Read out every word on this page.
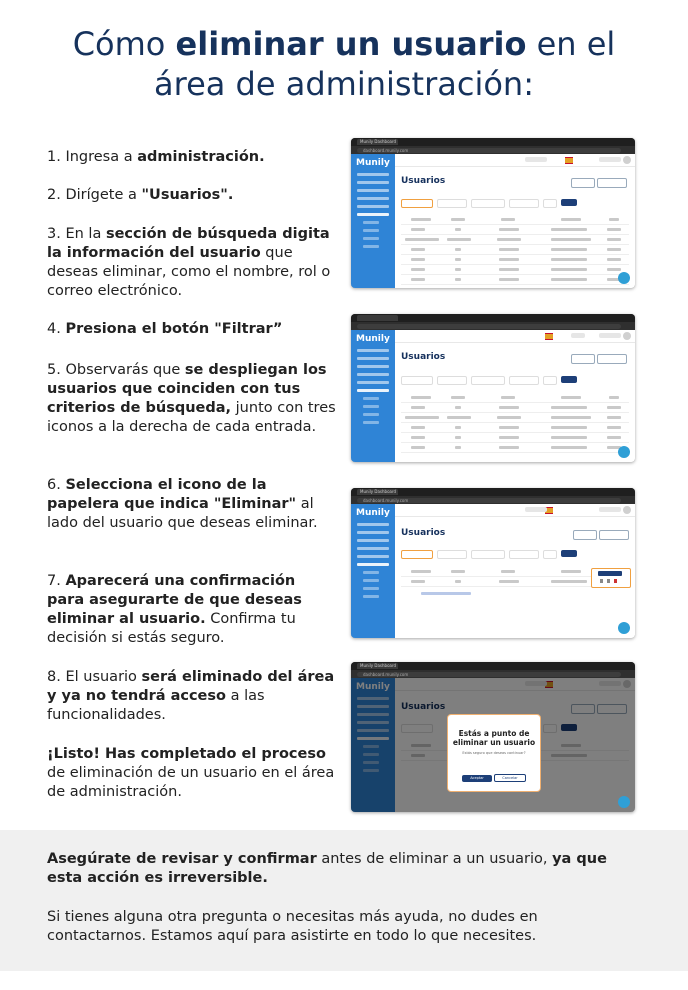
Cómo eliminar un usuario en el
área de administración:
1. Ingresa a administración.
2. Dirígete a "Usuarios".
3. En la sección de búsqueda digita la información del usuario que deseas eliminar, como el nombre, rol o correo electrónico.
4. Presiona el botón "Filtrar”
5. Observarás que se despliegan los usuarios que coinciden con tus criterios de búsqueda, junto con tres iconos a la derecha de cada entrada.
6. Selecciona el icono de la papelera que indica "Eliminar" al lado del usuario que deseas eliminar.
7. Aparecerá una confirmación para asegurarte de que deseas eliminar al usuario. Confirma tu decisión si estás seguro.
8. El usuario será eliminado del área y ya no tendrá acceso a las funcionalidades.
¡Listo! Has completado el proceso de eliminación de un usuario en el área de administración.
Munily Dashboard
dashboard.munily.com
Munily
Usuarios
Munily
Usuarios
Munily Dashboard
dashboard.munily.com
Munily
Usuarios
Munily Dashboard
dashboard.munily.com
Estás a punto de eliminar un usuario
Estás seguro que deseas continuar?
Aceptar	Cancelar
Asegúrate de revisar y confirmar antes de eliminar a un usuario, ya que esta acción es irreversible.
Si tienes alguna otra pregunta o necesitas más ayuda, no dudes en contactarnos. Estamos aquí para asistirte en todo lo que necesites.
